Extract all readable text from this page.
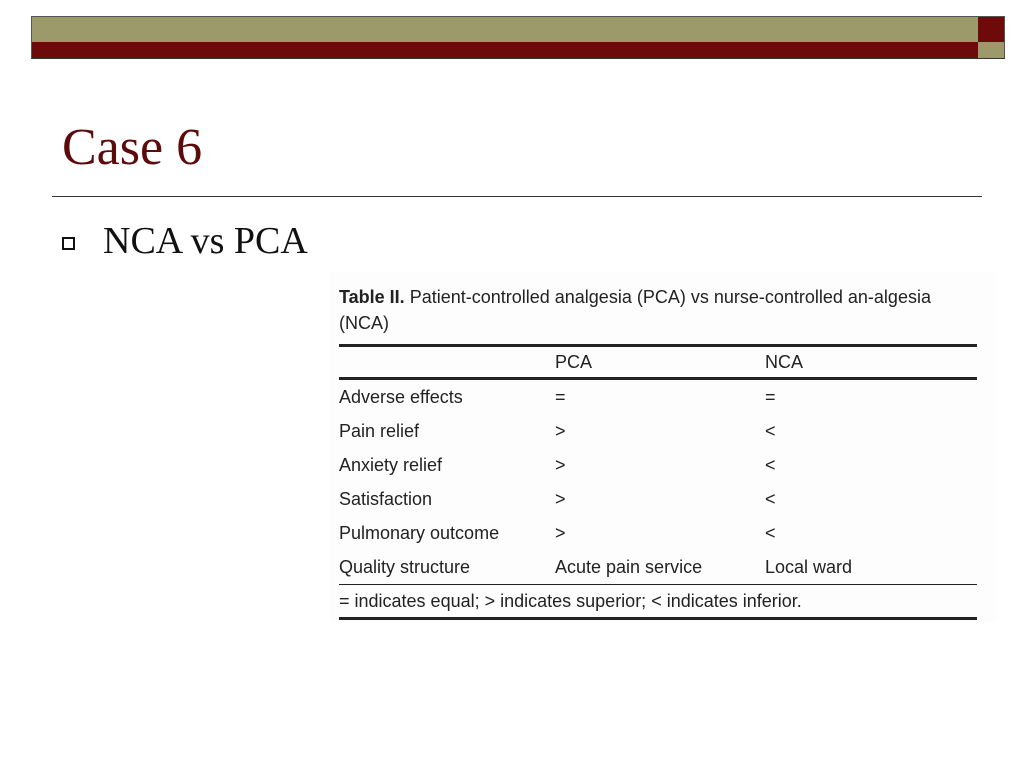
Case 6
NCA vs PCA

Table II. Patient-controlled analgesia (PCA) vs nurse-controlled an-algesia (NCA)

	PCA	NCA
Adverse effects	=	=
Pain relief	>	<
Anxiety relief	>	<
Satisfaction	>	<
Pulmonary outcome	>	<
Quality structure	Acute pain service	Local ward
= indicates equal; > indicates superior; < indicates inferior.		
